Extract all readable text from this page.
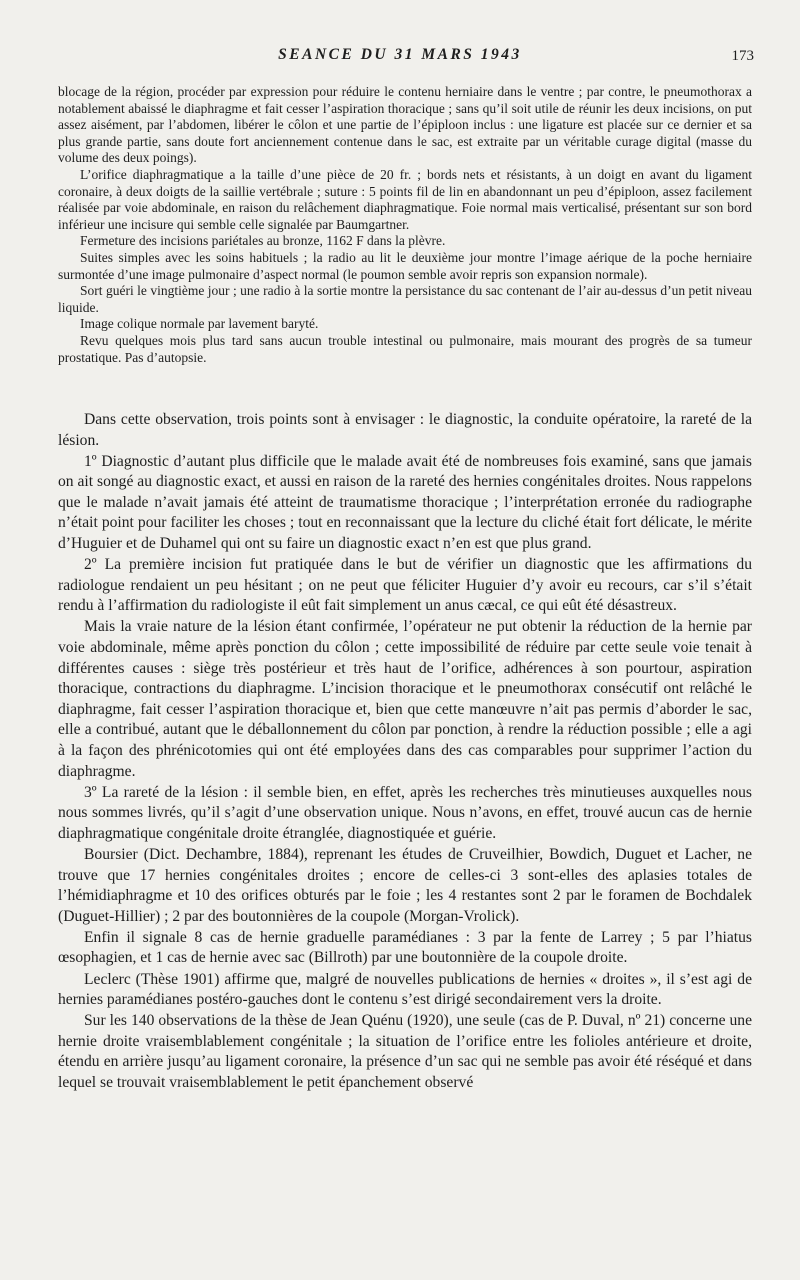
SEANCE DU 31 MARS 1943	173

blocage de la région, procéder par expression pour réduire le contenu herniaire dans le ventre ; par contre, le pneumothorax a notablement abaissé le diaphragme et fait cesser l’aspiration thoracique ; sans qu’il soit utile de réunir les deux incisions, on put assez aisément, par l’abdomen, libérer le côlon et une partie de l’épiploon inclus : une ligature est placée sur ce dernier et sa plus grande partie, sans doute fort anciennement contenue dans le sac, est extraite par un véritable curage digital (masse du volume des deux poings).

L’orifice diaphragmatique a la taille d’une pièce de 20 fr. ; bords nets et résistants, à un doigt en avant du ligament coronaire, à deux doigts de la saillie vertébrale ; suture : 5 points fil de lin en abandonnant un peu d’épiploon, assez facilement réalisée par voie abdominale, en raison du relâchement diaphragmatique. Foie normal mais verticalisé, présentant sur son bord inférieur une incisure qui semble celle signalée par Baumgartner.

Fermeture des incisions pariétales au bronze, 1162 F dans la plèvre.

Suites simples avec les soins habituels ; la radio au lit le deuxième jour montre l’image aérique de la poche herniaire surmontée d’une image pulmonaire d’aspect normal (le poumon semble avoir repris son expansion normale).

Sort guéri le vingtième jour ; une radio à la sortie montre la persistance du sac contenant de l’air au-dessus d’un petit niveau liquide.

Image colique normale par lavement baryté.

Revu quelques mois plus tard sans aucun trouble intestinal ou pulmonaire, mais mourant des progrès de sa tumeur prostatique. Pas d’autopsie.

Dans cette observation, trois points sont à envisager : le diagnostic, la conduite opératoire, la rareté de la lésion.

1º Diagnostic d’autant plus difficile que le malade avait été de nombreuses fois examiné, sans que jamais on ait songé au diagnostic exact, et aussi en raison de la rareté des hernies congénitales droites. Nous rappelons que le malade n’avait jamais été atteint de traumatisme thoracique ; l’interprétation erronée du radiographe n’était point pour faciliter les choses ; tout en reconnaissant que la lecture du cliché était fort délicate, le mérite d’Huguier et de Duhamel qui ont su faire un diagnostic exact n’en est que plus grand.

2º La première incision fut pratiquée dans le but de vérifier un diagnostic que les affirmations du radiologue rendaient un peu hésitant ; on ne peut que féliciter Huguier d’y avoir eu recours, car s’il s’était rendu à l’affirmation du radiologiste il eût fait simplement un anus cæcal, ce qui eût été désastreux.

Mais la vraie nature de la lésion étant confirmée, l’opérateur ne put obtenir la réduction de la hernie par voie abdominale, même après ponction du côlon ; cette impossibilité de réduire par cette seule voie tenait à différentes causes : siège très postérieur et très haut de l’orifice, adhérences à son pourtour, aspiration thoracique, contractions du diaphragme. L’incision thoracique et le pneumothorax consécutif ont relâché le diaphragme, fait cesser l’aspiration thoracique et, bien que cette manœuvre n’ait pas permis d’aborder le sac, elle a contribué, autant que le déballonnement du côlon par ponction, à rendre la réduction possible ; elle a agi à la façon des phrénicotomies qui ont été employées dans des cas comparables pour supprimer l’action du diaphragme.

3º La rareté de la lésion : il semble bien, en effet, après les recherches très minutieuses auxquelles nous nous sommes livrés, qu’il s’agit d’une observation unique. Nous n’avons, en effet, trouvé aucun cas de hernie diaphragmatique congénitale droite étranglée, diagnostiquée et guérie.

Boursier (Dict. Dechambre, 1884), reprenant les études de Cruveilhier, Bowdich, Duguet et Lacher, ne trouve que 17 hernies congénitales droites ; encore de celles-ci 3 sont-elles des aplasies totales de l’hémidiaphragme et 10 des orifices obturés par le foie ; les 4 restantes sont 2 par le foramen de Bochdalek (Duguet-Hillier) ; 2 par des boutonnières de la coupole (Morgan-Vrolick).

Enfin il signale 8 cas de hernie graduelle paramédianes : 3 par la fente de Larrey ; 5 par l’hiatus œsophagien, et 1 cas de hernie avec sac (Billroth) par une boutonnière de la coupole droite.

Leclerc (Thèse 1901) affirme que, malgré de nouvelles publications de hernies « droites », il s’est agi de hernies paramédianes postéro-gauches dont le contenu s’est dirigé secondairement vers la droite.

Sur les 140 observations de la thèse de Jean Quénu (1920), une seule (cas de P. Duval, nº 21) concerne une hernie droite vraisemblablement congénitale ; la situation de l’orifice entre les folioles antérieure et droite, étendu en arrière jusqu’au ligament coronaire, la présence d’un sac qui ne semble pas avoir été réséqué et dans lequel se trouvait vraisemblablement le petit épanchement observé
